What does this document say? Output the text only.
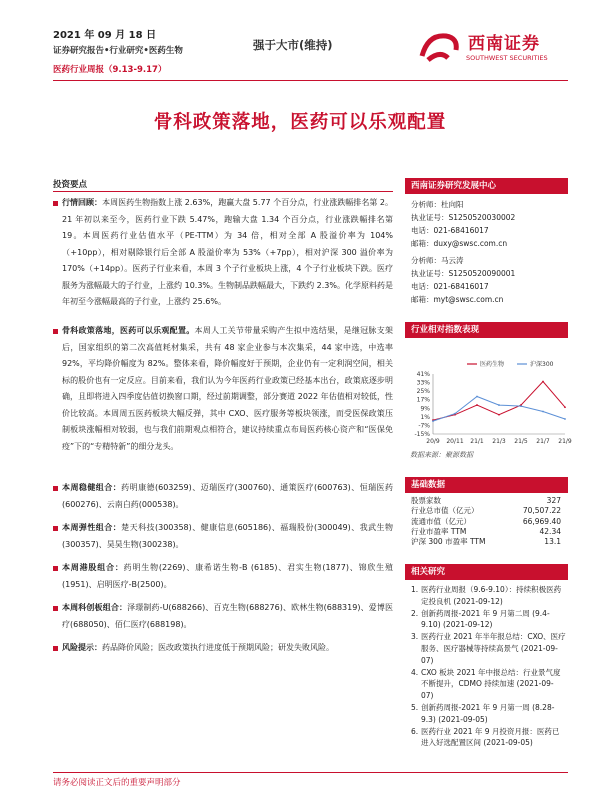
2021 年 09 月 18 日
证券研究报告•行业研究•医药生物
医药行业周报（9.13-9.17）
强于大市(维持)	西南证券
SOUTHWEST SECURITIES
骨科政策落地，医药可以乐观配置
投资要点
行情回顾：本周医药生物指数上涨 2.63%，跑赢大盘 5.77 个百分点，行业涨跌幅排名第 2。21 年初以来至今，医药行业下跌 5.47%，跑输大盘 1.34 个百分点，行业涨跌幅排名第 19。本周医药行业估值水平（PE-TTM）为 34 倍，相对全部 A 股溢价率为 104%（+10pp），相对剔除银行后全部 A 股溢价率为 53%（+7pp），相对沪深 300 溢价率为 170%（+14pp）。医药子行业来看，本周 3 个子行业板块上涨，4 个子行业板块下跌。医疗服务为涨幅最大的子行业，上涨约 10.3%。生物制品跌幅最大，下跌约 2.3%。化学原料药是年初至今涨幅最高的子行业，上涨约 25.6%。
骨科政策落地，医药可以乐观配置。本周人工关节带量采购产生拟中选结果，是继冠脉支架后，国家组织的第二次高值耗材集采，共有 48 家企业参与本次集采，44 家中选，中选率 92%，平均降价幅度为 82%。整体来看，降价幅度好于预期，企业仍有一定利润空间，相关标的股价也有一定反应。目前来看，我们认为今年医药行业政策已经基本出台，政策底逐步明确，且即将进入四季度估值切换窗口期，经过前期调整，部分赛道 2022 年估值相对较低，性价比较高。本周周五医药板块大幅反弹，其中 CXO、医疗服务等板块领涨，而受医保政策压制板块涨幅相对较弱，也与我们前期观点相符合，建议持续重点布局医药核心资产和“医保免疫”下的“专精特新”的细分龙头。
本周稳健组合：药明康德(603259)、迈瑞医疗(300760)、通策医疗(600763)、恒瑞医药(600276)、云南白药(000538)。
本周弹性组合：楚天科技(300358)、健康信息(605186)、福瑞股份(300049)、我武生物(300357)、昊昊生物(300238)。
本周港股组合：药明生物(2269)、康希诺生物-B (6185)、君实生物(1877)、锦欣生殖(1951)、启明医疗-B(2500)。
本周科创板组合：泽璟制药-U(688266)、百克生物(688276)、欧林生物(688319)、爱博医疗(688050)、佰仁医疗(688198)。
风险提示：药品降价风险；医改政策执行进度低于预期风险；研发失败风险。
西南证券研究发展中心
分析师：杜向阳
执业证号：S1250520030002
电话：021-68416017
邮箱：duxy@swsc.com.cn
分析师：马云涛
执业证号：S1250520090001
电话：021-68416017
邮箱：myt@swsc.com.cn
行业相对指数表现
41%
33%
25%
17%
9%
1%
-7%
-15%
20/9 20/11 21/1 21/3 21/5 21/7 21/9
医药生物	沪深300
数据来源：聚源数据
基础数据
股票家数	327
行业总市值（亿元）	70,507.22
流通市值（亿元）	66,969.40
行业市盈率 TTM	42.34
沪深 300 市盈率 TTM	13.1
相关研究
1. 医药行业周报（9.6-9.10）：持续积极医药定投良机 (2021-09-12)
2. 创新药周报-2021 年 9 月第二周 (9.4-9.10) (2021-09-12)
3. 医药行业 2021 年半年报总结：CXO、医疗服务、医疗器械等持续高景气 (2021-09-07)
4. CXO 板块 2021 年中报总结：行业景气度不断提升，CDMO 持续加速 (2021-09-07)
5. 创新药周报-2021 年 9 月第一周 (8.28-9.3) (2021-09-05)
6. 医药行业 2021 年 9 月投资月报：医药已进入好选配置区间 (2021-09-05)
请务必阅读正文后的重要声明部分
